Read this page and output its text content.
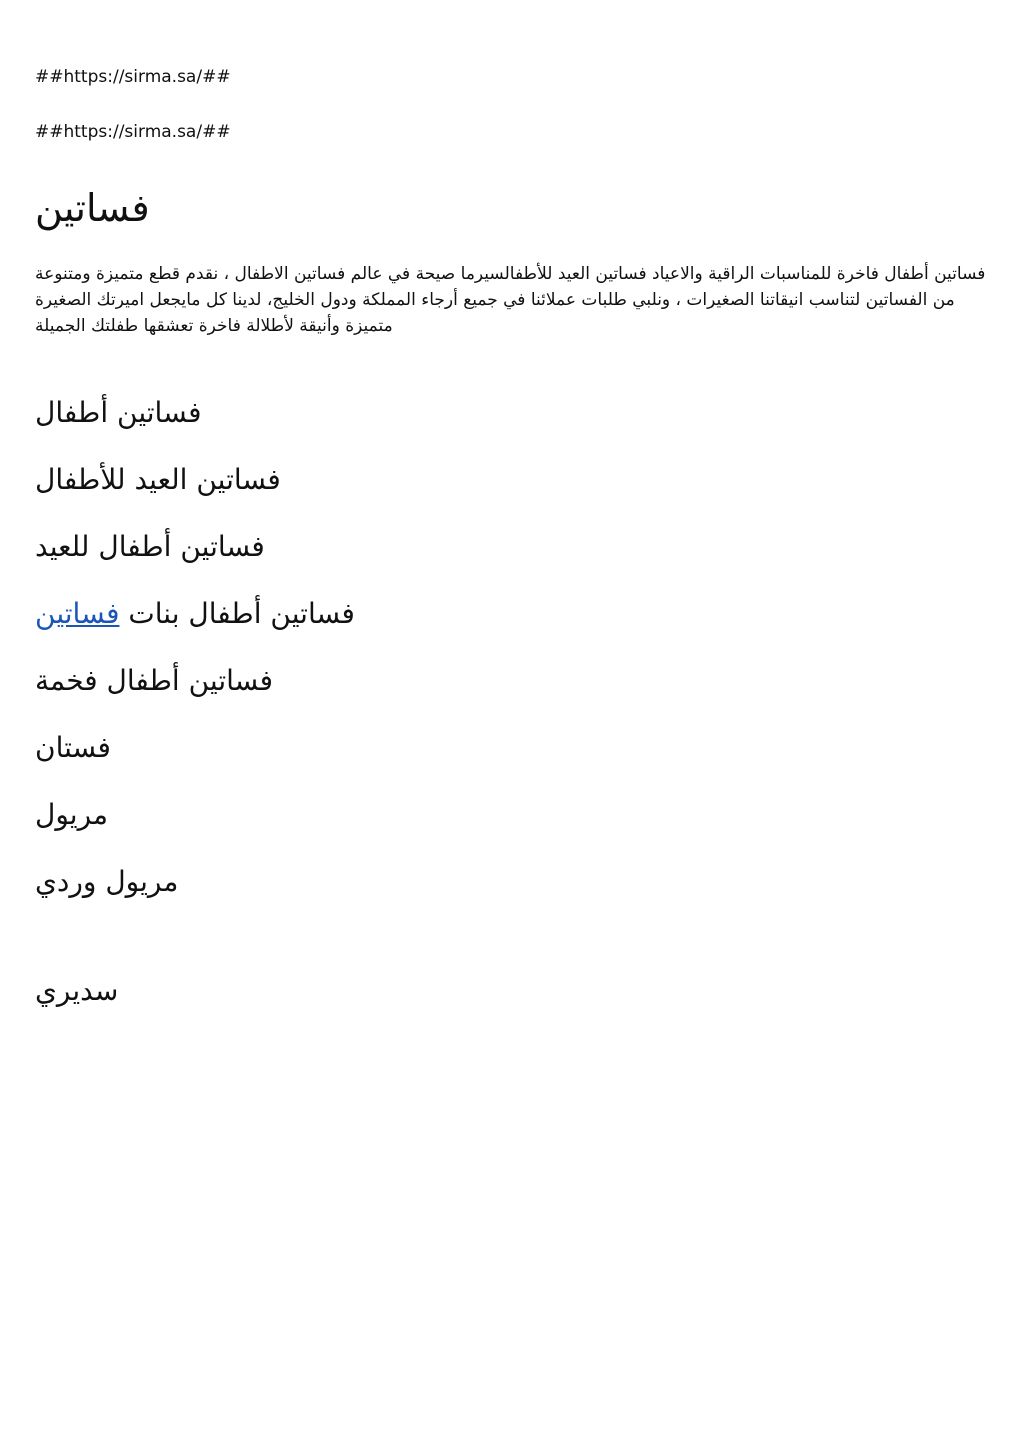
##https://sirma.sa/##
##https://sirma.sa/##
فساتين

فساتين أطفال فاخرة للمناسبات الراقية والاعياد فساتين العيد للأطفالسيرما صيحة في عالم فساتين الاطفال ، نقدم قطع متميزة ومتنوعة من الفساتين لتناسب انيقاتنا الصغيرات ، ونلبي طلبات عملائنا في جميع أرجاء المملكة ودول الخليج، لدينا كل مايجعل اميرتك الصغيرة متميزة وأنيقة لأطلالة فاخرة تعشقها طفلتك الجميلة

فساتين أطفال
فساتين العيد للأطفال
فساتين أطفال للعيد
فساتين أطفال بنات فساتين
فساتين أطفال فخمة
فستان
مريول
مريول وردي
سديري
